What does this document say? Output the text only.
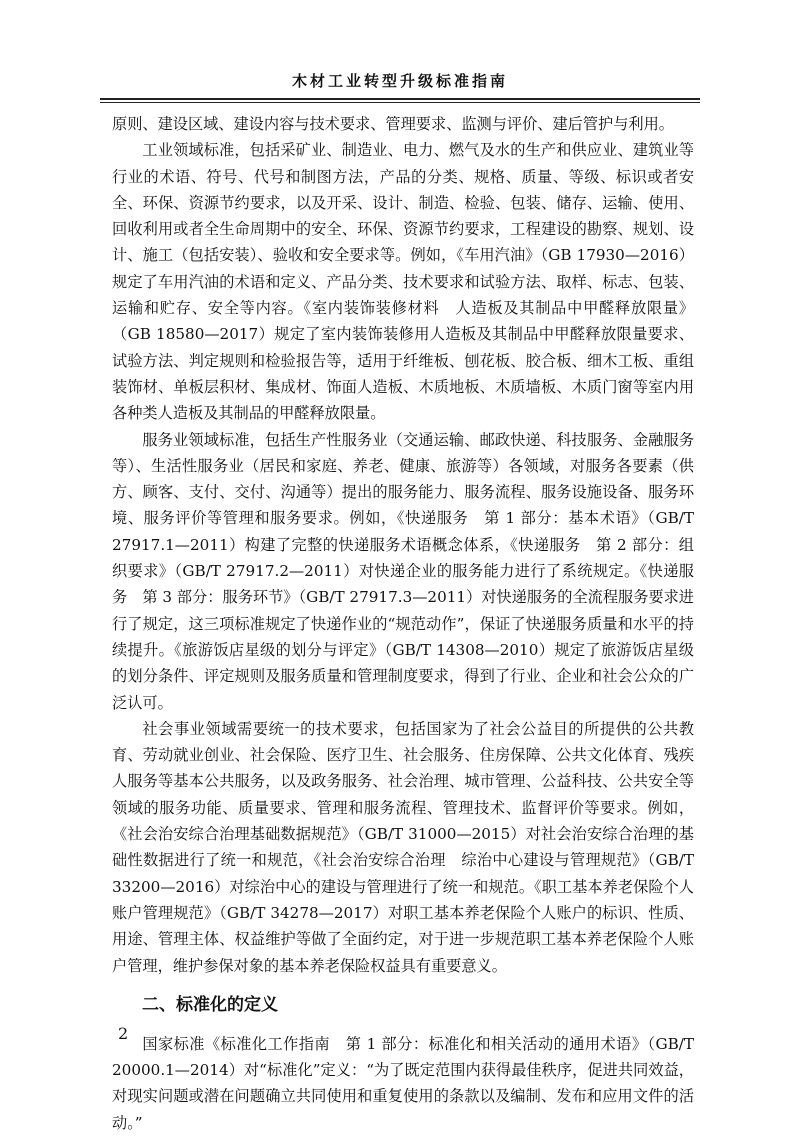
木材工业转型升级标准指南

原则、建设区域、建设内容与技术要求、管理要求、监测与评价、建后管护与利用。

工业领域标准，包括采矿业、制造业、电力、燃气及水的生产和供应业、建筑业等行业的术语、符号、代号和制图方法，产品的分类、规格、质量、等级、标识或者安全、环保、资源节约要求，以及开采、设计、制造、检验、包装、储存、运输、使用、回收利用或者全生命周期中的安全、环保、资源节约要求，工程建设的勘察、规划、设计、施工（包括安装）、验收和安全要求等。例如，《车用汽油》（GB 17930—2016）规定了车用汽油的术语和定义、产品分类、技术要求和试验方法、取样、标志、包装、运输和贮存、安全等内容。《室内装饰装修材料　人造板及其制品中甲醛释放限量》（GB 18580—2017）规定了室内装饰装修用人造板及其制品中甲醛释放限量要求、试验方法、判定规则和检验报告等，适用于纤维板、刨花板、胶合板、细木工板、重组装饰材、单板层积材、集成材、饰面人造板、木质地板、木质墙板、木质门窗等室内用各种类人造板及其制品的甲醛释放限量。

服务业领域标准，包括生产性服务业（交通运输、邮政快递、科技服务、金融服务等）、生活性服务业（居民和家庭、养老、健康、旅游等）各领域，对服务各要素（供方、顾客、支付、交付、沟通等）提出的服务能力、服务流程、服务设施设备、服务环境、服务评价等管理和服务要求。例如，《快递服务　第 1 部分：基本术语》（GB/T 27917.1—2011）构建了完整的快递服务术语概念体系，《快递服务　第 2 部分：组织要求》（GB/T 27917.2—2011）对快递企业的服务能力进行了系统规定。《快递服务　第 3 部分：服务环节》（GB/T 27917.3—2011）对快递服务的全流程服务要求进行了规定，这三项标准规定了快递作业的“规范动作”，保证了快递服务质量和水平的持续提升。《旅游饭店星级的划分与评定》（GB/T 14308—2010）规定了旅游饭店星级的划分条件、评定规则及服务质量和管理制度要求，得到了行业、企业和社会公众的广泛认可。

社会事业领域需要统一的技术要求，包括国家为了社会公益目的所提供的公共教育、劳动就业创业、社会保险、医疗卫生、社会服务、住房保障、公共文化体育、残疾人服务等基本公共服务，以及政务服务、社会治理、城市管理、公益科技、公共安全等领域的服务功能、质量要求、管理和服务流程、管理技术、监督评价等要求。例如，《社会治安综合治理基础数据规范》（GB/T 31000—2015）对社会治安综合治理的基础性数据进行了统一和规范，《社会治安综合治理　综治中心建设与管理规范》（GB/T 33200—2016）对综治中心的建设与管理进行了统一和规范。《职工基本养老保险个人账户管理规范》（GB/T 34278—2017）对职工基本养老保险个人账户的标识、性质、用途、管理主体、权益维护等做了全面约定，对于进一步规范职工基本养老保险个人账户管理，维护参保对象的基本养老保险权益具有重要意义。

二、标准化的定义

国家标准《标准化工作指南　第 1 部分：标准化和相关活动的通用术语》（GB/T 20000.1—2014）对“标准化”定义：“为了既定范围内获得最佳秩序，促进共同效益，对现实问题或潜在问题确立共同使用和重复使用的条款以及编制、发布和应用文件的活动。”

2
